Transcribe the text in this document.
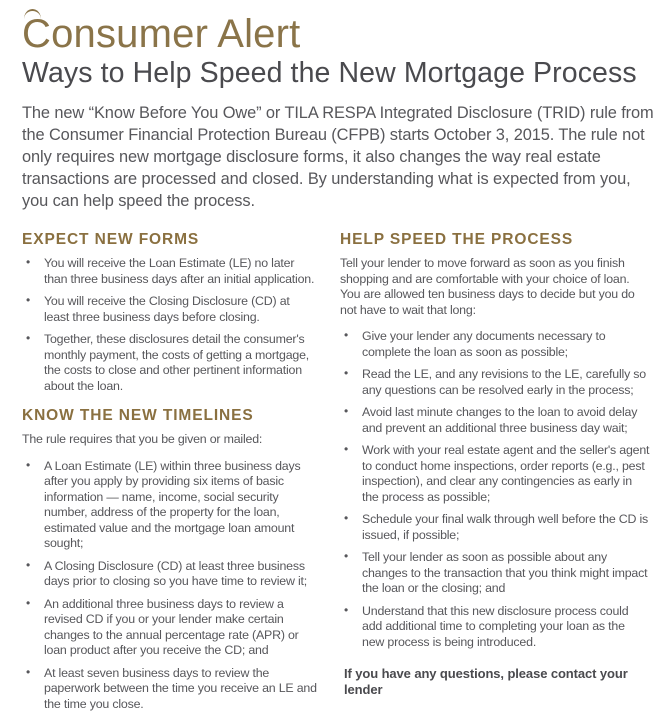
Consumer Alert
Ways to Help Speed the New Mortgage Process

The new “Know Before You Owe” or TILA RESPA Integrated Disclosure (TRID) rule from the Consumer Financial Protection Bureau (CFPB) starts October 3, 2015. The rule not only requires new mortgage disclosure forms, it also changes the way real estate transactions are processed and closed. By understanding what is expected from you, you can help speed the process.

EXPECT NEW FORMS
• You will receive the Loan Estimate (LE) no later than three business days after an initial application.
• You will receive the Closing Disclosure (CD) at least three business days before closing.
• Together, these disclosures detail the consumer's monthly payment, the costs of getting a mortgage, the costs to close and other pertinent information about the loan.
KNOW THE NEW TIMELINES

The rule requires that you be given or mailed:

• A Loan Estimate (LE) within three business days after you apply by providing six items of basic information — name, income, social security number, address of the property for the loan, estimated value and the mortgage loan amount sought;
• A Closing Disclosure (CD) at least three business days prior to closing so you have time to review it;
• An additional three business days to review a revised CD if you or your lender make certain changes to the annual percentage rate (APR) or loan product after you receive the CD; and
• At least seven business days to review the paperwork between the time you receive an LE and the time you close.
HELP SPEED THE PROCESS

Tell your lender to move forward as soon as you finish shopping and are comfortable with your choice of loan. You are allowed ten business days to decide but you do not have to wait that long:

• Give your lender any documents necessary to complete the loan as soon as possible;
• Read the LE, and any revisions to the LE, carefully so any questions can be resolved early in the process;
• Avoid last minute changes to the loan to avoid delay and prevent an additional three business day wait;
• Work with your real estate agent and the seller's agent to conduct home inspections, order reports (e.g., pest inspection), and clear any contingencies as early in the process as possible;
• Schedule your final walk through well before the CD is issued, if possible;
• Tell your lender as soon as possible about any changes to the transaction that you think might impact the loan or the closing; and
• Understand that this new disclosure process could add additional time to completing your loan as the new process is being introduced.

If you have any questions, please contact your lender
